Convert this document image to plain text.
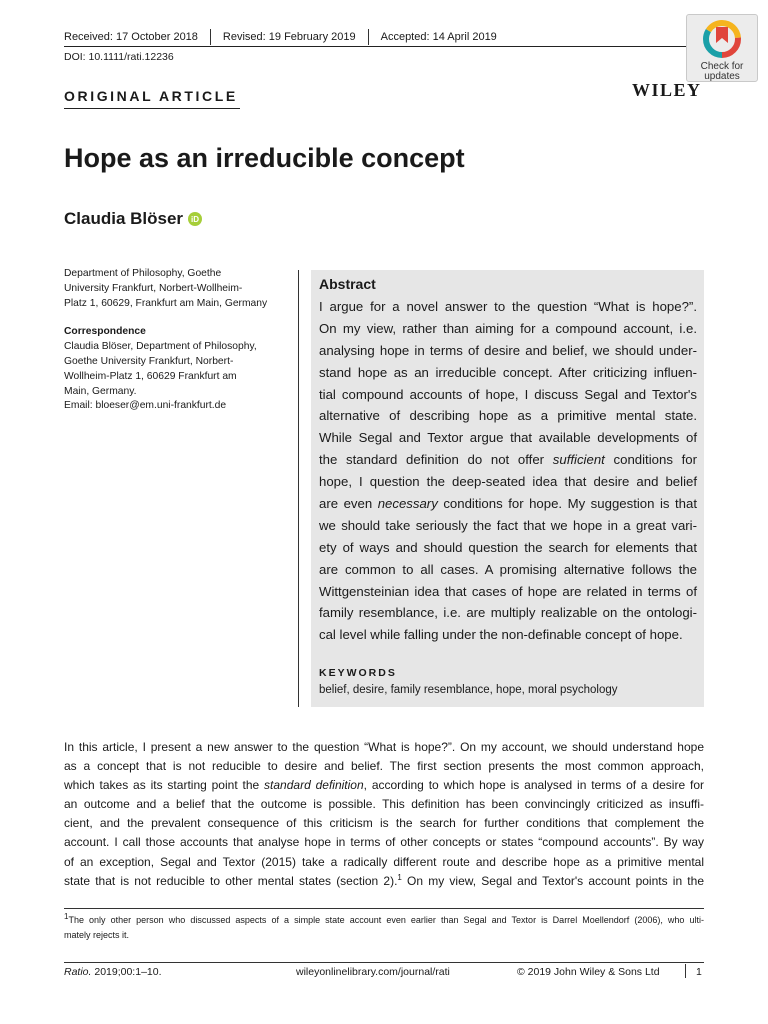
Received: 17 October 2018 Revised: 19 February 2019 Accepted: 14 April 2019
DOI: 10.1111/rati.12236
Check for
updates
WILEY
ORIGINAL ARTICLE
Hope as an irreducible concept
Claudia Blöser	iD

Department of Philosophy, Goethe

University Frankfurt, Norbert-Wollheim-

Platz 1, 60629, Frankfurt am Main, Germany

Correspondence

Claudia Blöser, Department of Philosophy,

Goethe University Frankfurt, Norbert-

Wollheim-Platz 1, 60629 Frankfurt am

Main, Germany.

Email: bloeser@em.uni-frankfurt.de

Abstract
I argue for a novel answer to the question “What is hope?”.
On my view, rather than aiming for a compound account, i.e.
analysing hope in terms of desire and belief, we should under-
stand hope as an irreducible concept. After criticizing influen-
tial compound accounts of hope, I discuss Segal and Textor's
alternative of describing hope as a primitive mental state.
While Segal and Textor argue that available developments of
the standard definition do not offer sufficient conditions for
hope, I question the deep-seated idea that desire and belief
are even necessary conditions for hope. My suggestion is that
we should take seriously the fact that we hope in a great vari-
ety of ways and should question the search for elements that
are common to all cases. A promising alternative follows the
Wittgensteinian idea that cases of hope are related in terms of
family resemblance, i.e. are multiply realizable on the ontologi-
cal level while falling under the non-definable concept of hope.
KEYWORDS
belief, desire, family resemblance, hope, moral psychology
In this article, I present a new answer to the question “What is hope?”. On my account, we should understand hope
as a concept that is not reducible to desire and belief. The first section presents the most common approach,
which takes as its starting point the standard definition, according to which hope is analysed in terms of a desire for
an outcome and a belief that the outcome is possible. This definition has been convincingly criticized as insuffi-
cient, and the prevalent consequence of this criticism is the search for further conditions that complement the
account. I call those accounts that analyse hope in terms of other concepts or states “compound accounts”. By way
of an exception, Segal and Textor (2015) take a radically different route and describe hope as a primitive mental
state that is not reducible to other mental states (section 2).$^1$ On my view, Segal and Textor's account points in the
$^1$The only other person who discussed aspects of a simple state account even earlier than Segal and Textor is Darrel Moellendorf (2006), who ulti-
mately rejects it.
Ratio. 2019;00:1–10.	wileyonlinelibrary.com/journal/rati	© 2019 John Wiley & Sons Ltd	1
